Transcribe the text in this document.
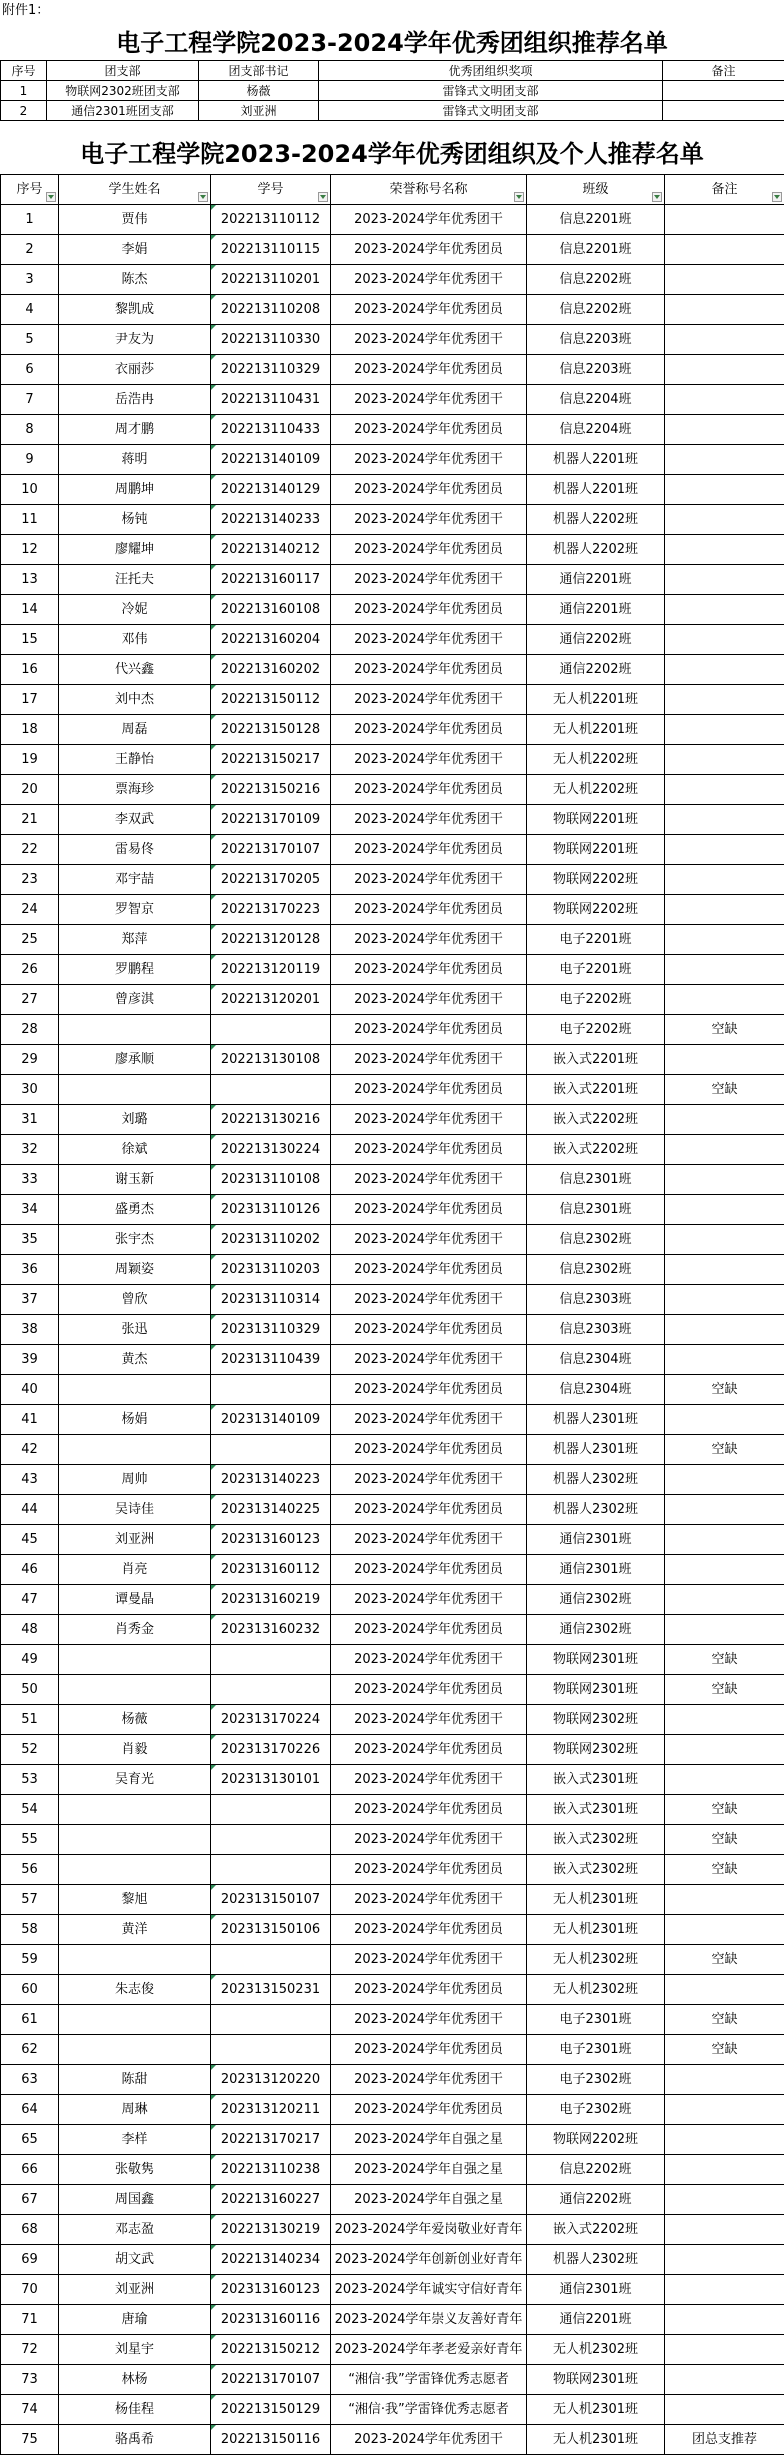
附件1：
电子工程学院2023-2024学年优秀团组织推荐名单
序号	团支部	团支部书记	优秀团组织奖项	备注
1	物联网2302班团支部	杨薇	雷锋式文明团支部	
2	通信2301班团支部	刘亚洲	雷锋式文明团支部	
电子工程学院2023-2024学年优秀团组织及个人推荐名单
序号	学生姓名	学号	荣誉称号名称	班级	备注

1	贾伟	202213110112	2023-2024学年优秀团干	信息2201班	
2	李娟	202213110115	2023-2024学年优秀团员	信息2201班	
3	陈杰	202213110201	2023-2024学年优秀团干	信息2202班	
4	黎凯成	202213110208	2023-2024学年优秀团员	信息2202班	
5	尹友为	202213110330	2023-2024学年优秀团干	信息2203班	
6	衣丽莎	202213110329	2023-2024学年优秀团员	信息2203班	
7	岳浩冉	202213110431	2023-2024学年优秀团干	信息2204班	
8	周才鹏	202213110433	2023-2024学年优秀团员	信息2204班	
9	蒋明	202213140109	2023-2024学年优秀团干	机器人2201班	
10	周鹏坤	202213140129	2023-2024学年优秀团员	机器人2201班	
11	杨钝	202213140233	2023-2024学年优秀团干	机器人2202班	
12	廖耀坤	202213140212	2023-2024学年优秀团员	机器人2202班	
13	汪托夫	202213160117	2023-2024学年优秀团干	通信2201班	
14	冷妮	202213160108	2023-2024学年优秀团员	通信2201班	
15	邓伟	202213160204	2023-2024学年优秀团干	通信2202班	
16	代兴鑫	202213160202	2023-2024学年优秀团员	通信2202班	
17	刘中杰	202213150112	2023-2024学年优秀团干	无人机2201班	
18	周磊	202213150128	2023-2024学年优秀团员	无人机2201班	
19	王静怡	202213150217	2023-2024学年优秀团干	无人机2202班	
20	票海珍	202213150216	2023-2024学年优秀团员	无人机2202班	
21	李双武	202213170109	2023-2024学年优秀团干	物联网2201班	
22	雷易佟	202213170107	2023-2024学年优秀团员	物联网2201班	
23	邓宇喆	202213170205	2023-2024学年优秀团干	物联网2202班	
24	罗智京	202213170223	2023-2024学年优秀团员	物联网2202班	
25	郑萍	202213120128	2023-2024学年优秀团干	电子2201班	
26	罗鹏程	202213120119	2023-2024学年优秀团员	电子2201班	
27	曾彦淇	202213120201	2023-2024学年优秀团干	电子2202班	
28			2023-2024学年优秀团员	电子2202班	空缺
29	廖承顺	202213130108	2023-2024学年优秀团干	嵌入式2201班	
30			2023-2024学年优秀团员	嵌入式2201班	空缺
31	刘璐	202213130216	2023-2024学年优秀团干	嵌入式2202班	
32	徐斌	202213130224	2023-2024学年优秀团员	嵌入式2202班	
33	谢玉新	202313110108	2023-2024学年优秀团干	信息2301班	
34	盛勇杰	202313110126	2023-2024学年优秀团员	信息2301班	
35	张宇杰	202313110202	2023-2024学年优秀团干	信息2302班	
36	周颖姿	202313110203	2023-2024学年优秀团员	信息2302班	
37	曾欣	202313110314	2023-2024学年优秀团干	信息2303班	
38	张迅	202313110329	2023-2024学年优秀团员	信息2303班	
39	黄杰	202313110439	2023-2024学年优秀团干	信息2304班	
40			2023-2024学年优秀团员	信息2304班	空缺
41	杨娟	202313140109	2023-2024学年优秀团干	机器人2301班	
42			2023-2024学年优秀团员	机器人2301班	空缺
43	周帅	202313140223	2023-2024学年优秀团干	机器人2302班	
44	吴诗佳	202313140225	2023-2024学年优秀团员	机器人2302班	
45	刘亚洲	202313160123	2023-2024学年优秀团干	通信2301班	
46	肖亮	202313160112	2023-2024学年优秀团员	通信2301班	
47	谭曼晶	202313160219	2023-2024学年优秀团干	通信2302班	
48	肖秀金	202313160232	2023-2024学年优秀团员	通信2302班	
49			2023-2024学年优秀团干	物联网2301班	空缺
50			2023-2024学年优秀团员	物联网2301班	空缺
51	杨薇	202313170224	2023-2024学年优秀团干	物联网2302班	
52	肖毅	202313170226	2023-2024学年优秀团员	物联网2302班	
53	吴育光	202313130101	2023-2024学年优秀团干	嵌入式2301班	
54			2023-2024学年优秀团员	嵌入式2301班	空缺
55			2023-2024学年优秀团干	嵌入式2302班	空缺
56			2023-2024学年优秀团员	嵌入式2302班	空缺
57	黎旭	202313150107	2023-2024学年优秀团干	无人机2301班	
58	黄洋	202313150106	2023-2024学年优秀团员	无人机2301班	
59			2023-2024学年优秀团干	无人机2302班	空缺
60	朱志俊	202313150231	2023-2024学年优秀团员	无人机2302班	
61			2023-2024学年优秀团干	电子2301班	空缺
62			2023-2024学年优秀团员	电子2301班	空缺
63	陈甜	202313120220	2023-2024学年优秀团干	电子2302班	
64	周琳	202313120211	2023-2024学年优秀团员	电子2302班	
65	李样	202213170217	2023-2024学年自强之星	物联网2202班	
66	张敬隽	202213110238	2023-2024学年自强之星	信息2202班	
67	周国鑫	202213160227	2023-2024学年自强之星	通信2202班	
68	邓志盈	202213130219	2023-2024学年爱岗敬业好青年	嵌入式2202班	
69	胡文武	202213140234	2023-2024学年创新创业好青年	机器人2302班	
70	刘亚洲	202313160123	2023-2024学年诚实守信好青年	通信2301班	
71	唐瑜	202313160116	2023-2024学年崇义友善好青年	通信2201班	
72	刘星宇	202213150212	2023-2024学年孝老爱亲好青年	无人机2302班	
73	林杨	202213170107	“湘信·我”学雷锋优秀志愿者	物联网2301班	
74	杨佳程	202213150129	“湘信·我”学雷锋优秀志愿者	无人机2301班	
75	骆禹希	202213150116	2023-2024学年优秀团干	无人机2301班	团总支推荐
